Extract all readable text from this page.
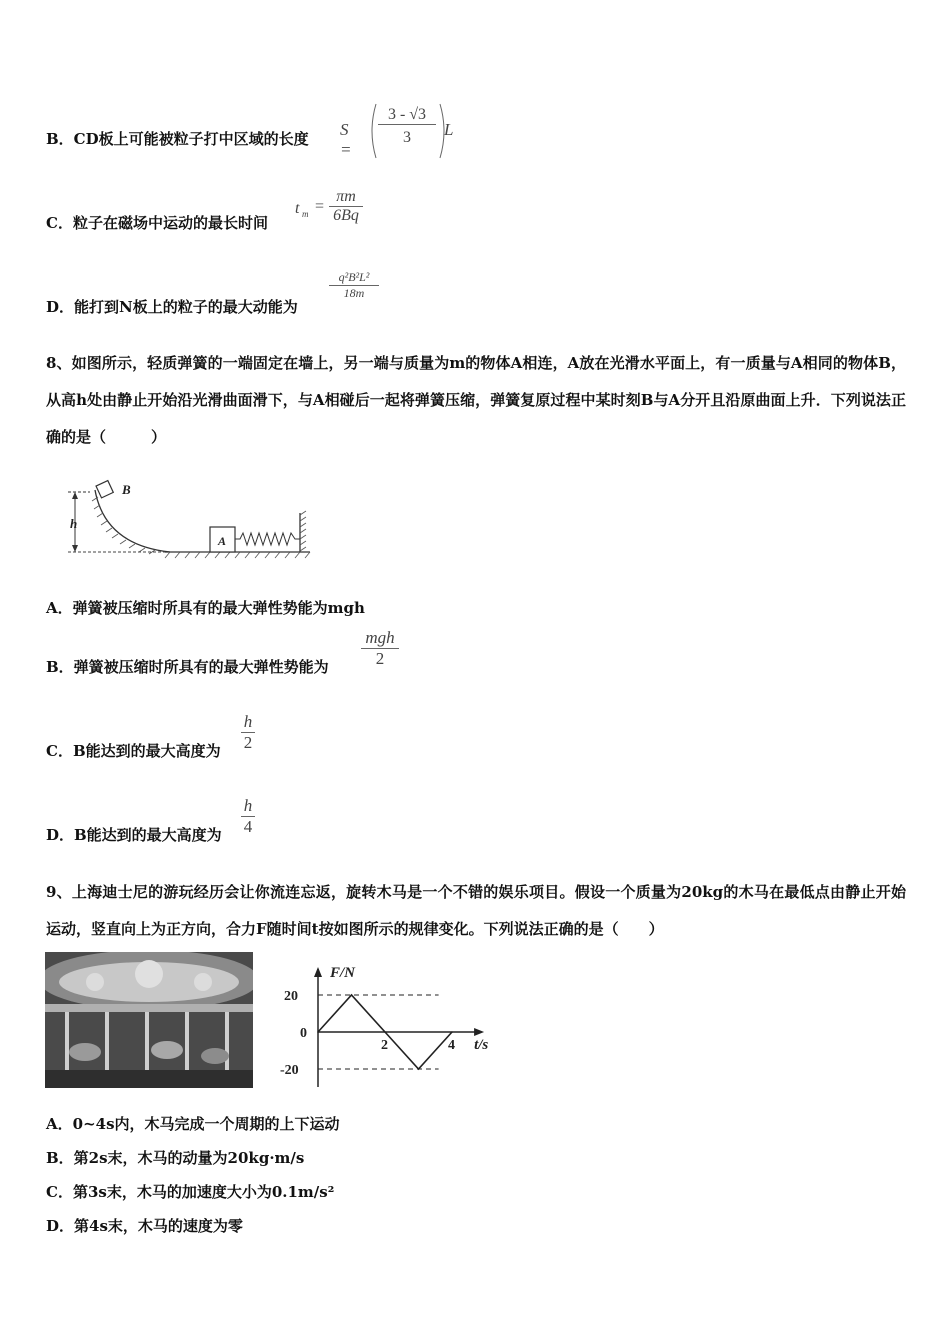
B．CD板上可能被粒子打中区域的长度 S =
$\frac{3 - √3}{3}$ L
C．粒子在磁场中运动的最长时间
t $m = \frac{\pi m}{6Bq}$
D．能打到N板上的粒子的最大动能为
$\frac{\text{q²B²L²}}{18m}$
8、如图所示，轻质弹簧的一端固定在墙上，另一端与质量为m的物体A相连，A放在光滑水平面上，有一质量与A相同的物体B，从高h处由静止开始沿光滑曲面滑下，与A相碰后一起将弹簧压缩，弹簧复原过程中某时刻B与A分开且沿原曲面上升．下列说法正确的是（　　　）
h
B
A
A．弹簧被压缩时所具有的最大弹性势能为mgh
B．弹簧被压缩时所具有的最大弹性势能为 $\frac{\text{mgh}}{2}$
C．B能达到的最大高度为 $\frac{h}{2}$
D．B能达到的最大高度为 $\frac{h}{4}$
9、上海迪士尼的游玩经历会让你流连忘返，旋转木马是一个不错的娱乐项目。假设一个质量为20kg的木马在最低点由静止开始运动，竖直向上为正方向，合力F随时间t按如图所示的规律变化。下列说法正确的是（　　）
F/N
t/s
20
0
-20
2	4
A．0~4s内，木马完成一个周期的上下运动
B．第2s末，木马的动量为20kg·m/s
C．第3s末，木马的加速度大小为0.1m/s²
D．第4s末，木马的速度为零
